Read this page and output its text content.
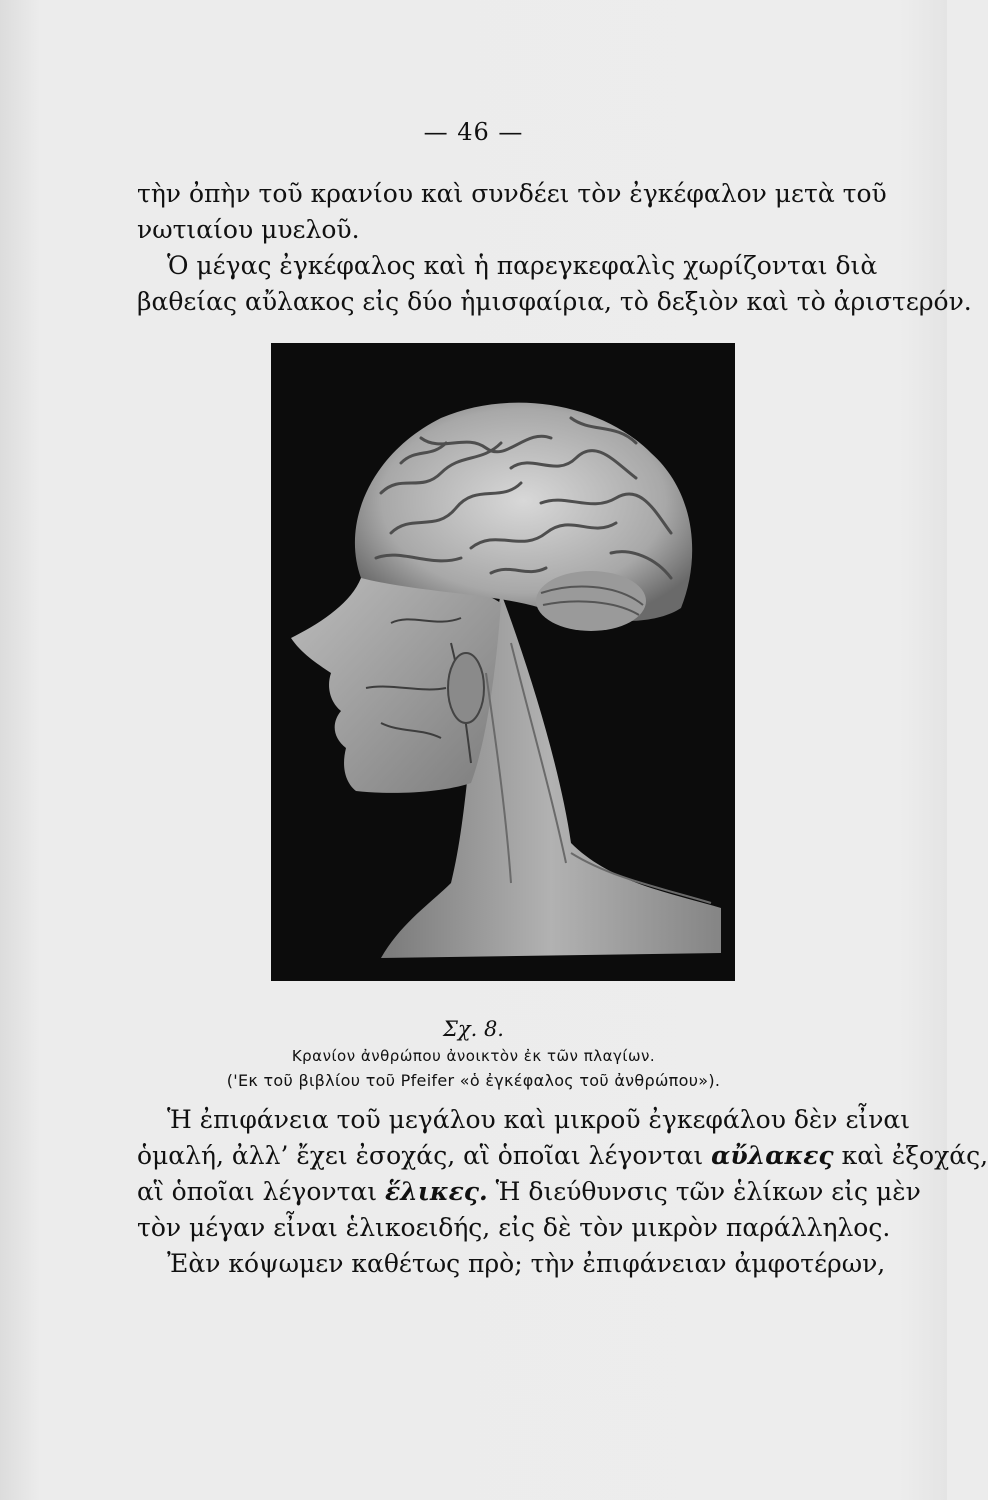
— 46 —
τὴν ὀπὴν τοῦ κρανίου καὶ συνδέει τὸν ἐγκέφαλον μετὰ τοῦ
νωτιαίου μυελοῦ.
Ὁ μέγας ἐγκέφαλος καὶ ἡ παρεγκεφαλὶς χωρίζονται διὰ
βαθείας αὔλακος εἰς δύο ἡμισφαίρια, τὸ δεξιὸν καὶ τὸ ἀριστερόν.
Σχ. 8.
Κρανίον ἀνθρώπου ἀνοικτὸν ἐκ τῶν πλαγίων.
('Εκ τοῦ βιβλίου τοῦ Pfeifer «ὁ ἐγκέφαλος τοῦ ἀνθρώπου»).
Ἡ ἐπιφάνεια τοῦ μεγάλου καὶ μικροῦ ἐγκεφάλου δὲν εἶναι
ὁμαλή, ἀλλ’ ἔχει ἐσοχάς, αἳ ὁποῖαι λέγονται αὔλακες καὶ ἐξοχάς,
αἳ ὁποῖαι λέγονται ἕλικες. Ἡ διεύθυνσις τῶν ἑλίκων εἰς μὲν
τὸν μέγαν εἶναι ἑλικοειδής, εἰς δὲ τὸν μικρὸν παράλληλος.
Ἐὰν κόψωμεν καθέτως πρὸ; τὴν ἐπιφάνειαν ἀμφοτέρων,
